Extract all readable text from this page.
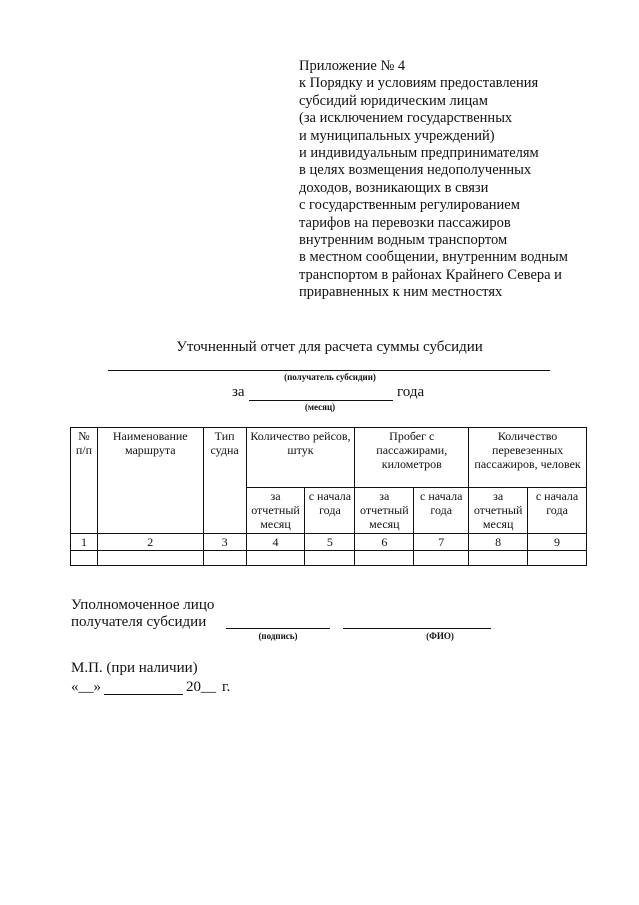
Приложение № 4
к Порядку и условиям предоставления
субсидий юридическим лицам
(за исключением государственных
и муниципальных учреждений)
и индивидуальным предпринимателям
в целях возмещения недополученных
доходов, возникающих в связи
с государственным регулированием
тарифов на перевозки пассажиров
внутренним водным транспортом
в местном сообщении, внутренним водным
транспортом в районах Крайнего Севера и
приравненных к ним местностях
Уточненный отчет для расчета суммы субсидии
(получатель субсидии)
за	года
(месяц)
№ п/п	Наименование маршрута	Тип судна	Количество рейсов, штук		Пробег с пассажирами, километров		Количество перевезенных пассажиров, человек	
			за отчетный месяц	с начала года	за отчетный месяц	с начала года	за отчетный месяц	с начала года
1	2	3	4	5	6	7	8	9

Уполномоченное лицо
получателя субсидии
(подпись)	(ФИО)
М.П. (при наличии)
«__»	20__ г.
